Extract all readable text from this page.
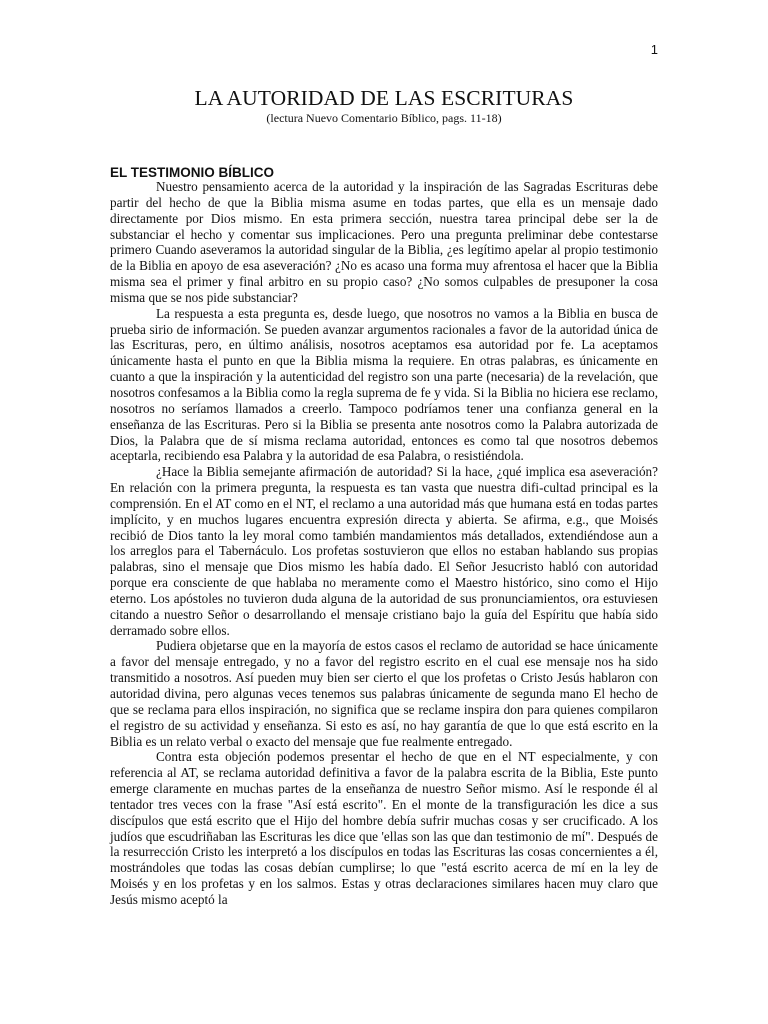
1
LA AUTORIDAD DE LAS ESCRITURAS
(lectura Nuevo Comentario Bíblico, pags. 11-18)
EL TESTIMONIO BÍBLICO

Nuestro pensamiento acerca de la autoridad y la inspiración de las Sagradas Escrituras debe partir del hecho de que la Biblia misma asume en todas partes, que ella es un mensaje dado directamente por Dios mismo. En esta primera sección, nuestra tarea principal debe ser la de substanciar el hecho y comentar sus implicaciones. Pero una pregunta preliminar debe contestarse primero Cuando aseveramos la autoridad singular de la Biblia, ¿es legítimo apelar al propio testimonio de la Biblia en apoyo de esa aseveración? ¿No es acaso una forma muy afrentosa el hacer que la Biblia misma sea el primer y final arbitro en su propio caso? ¿No somos culpables de presuponer la cosa misma que se nos pide substanciar?

La respuesta a esta pregunta es, desde luego, que nosotros no vamos a la Biblia en busca de prueba sirio de información. Se pueden avanzar argumentos racionales a favor de la autoridad única de las Escrituras, pero, en último análisis, nosotros aceptamos esa autoridad por fe. La aceptamos únicamente hasta el punto en que la Biblia misma la requiere. En otras palabras, es únicamente en cuanto a que la inspiración y la autenticidad del registro son una parte (necesaria) de la revelación, que nosotros confesamos a la Biblia como la regla suprema de fe y vida. Si la Biblia no hiciera ese reclamo, nosotros no seríamos llamados a creerlo. Tampoco podríamos tener una confianza general en la enseñanza de las Escrituras. Pero si la Biblia se presenta ante nosotros como la Palabra autorizada de Dios, la Palabra que de sí misma reclama autoridad, entonces es como tal que nosotros debemos aceptarla, recibiendo esa Palabra y la autoridad de esa Palabra, o resistiéndola.

¿Hace la Biblia semejante afirmación de autoridad? Si la hace, ¿qué implica esa aseveración? En relación con la primera pregunta, la respuesta es tan vasta que nuestra difi-cultad principal es la comprensión. En el AT como en el NT, el reclamo a una autoridad más que humana está en todas partes implícito, y en muchos lugares encuentra expresión directa y abierta. Se afirma, e.g., que Moisés recibió de Dios tanto la ley moral como también mandamientos más detallados, extendiéndose aun a los arreglos para el Tabernáculo. Los profetas sostuvieron que ellos no estaban hablando sus propias palabras, sino el mensaje que Dios mismo les había dado. El Señor Jesucristo habló con autoridad porque era consciente de que hablaba no meramente como el Maestro histórico, sino como el Hijo eterno. Los apóstoles no tuvieron duda alguna de la autoridad de sus pronunciamientos, ora estuviesen citando a nuestro Señor o desarrollando el mensaje cristiano bajo la guía del Espíritu que había sido derramado sobre ellos.

Pudiera objetarse que en la mayoría de estos casos el reclamo de autoridad se hace únicamente a favor del mensaje entregado, y no a favor del registro escrito en el cual ese mensaje nos ha sido transmitido a nosotros. Así pueden muy bien ser cierto el que los profetas o Cristo Jesús hablaron con autoridad divina, pero algunas veces tenemos sus palabras únicamente de segunda mano El hecho de que se reclama para ellos inspiración, no significa que se reclame inspira don para quienes compilaron el registro de su actividad y enseñanza. Si esto es así, no hay garantía de que lo que está escrito en la Biblia es un relato verbal o exacto del mensaje que fue realmente entregado.

Contra esta objeción podemos presentar el hecho de que en el NT especialmente, y con referencia al AT, se reclama autoridad definitiva a favor de la palabra escrita de la Biblia, Este punto emerge claramente en muchas partes de la enseñanza de nuestro Señor mismo. Así le responde él al tentador tres veces con la frase "Así está escrito". En el monte de la transfiguración les dice a sus discípulos que está escrito que el Hijo del hombre debía sufrir muchas cosas y ser crucificado. A los judíos que escudriñaban las Escrituras les dice que 'ellas son las que dan testimonio de mí". Después de la resurrección Cristo les interpretó a los discípulos en todas las Escrituras las cosas concernientes a él, mostrándoles que todas las cosas debían cumplirse; lo que "está escrito acerca de mí en la ley de Moisés y en los profetas y en los salmos. Estas y otras declaraciones similares hacen muy claro que Jesús mismo aceptó la
